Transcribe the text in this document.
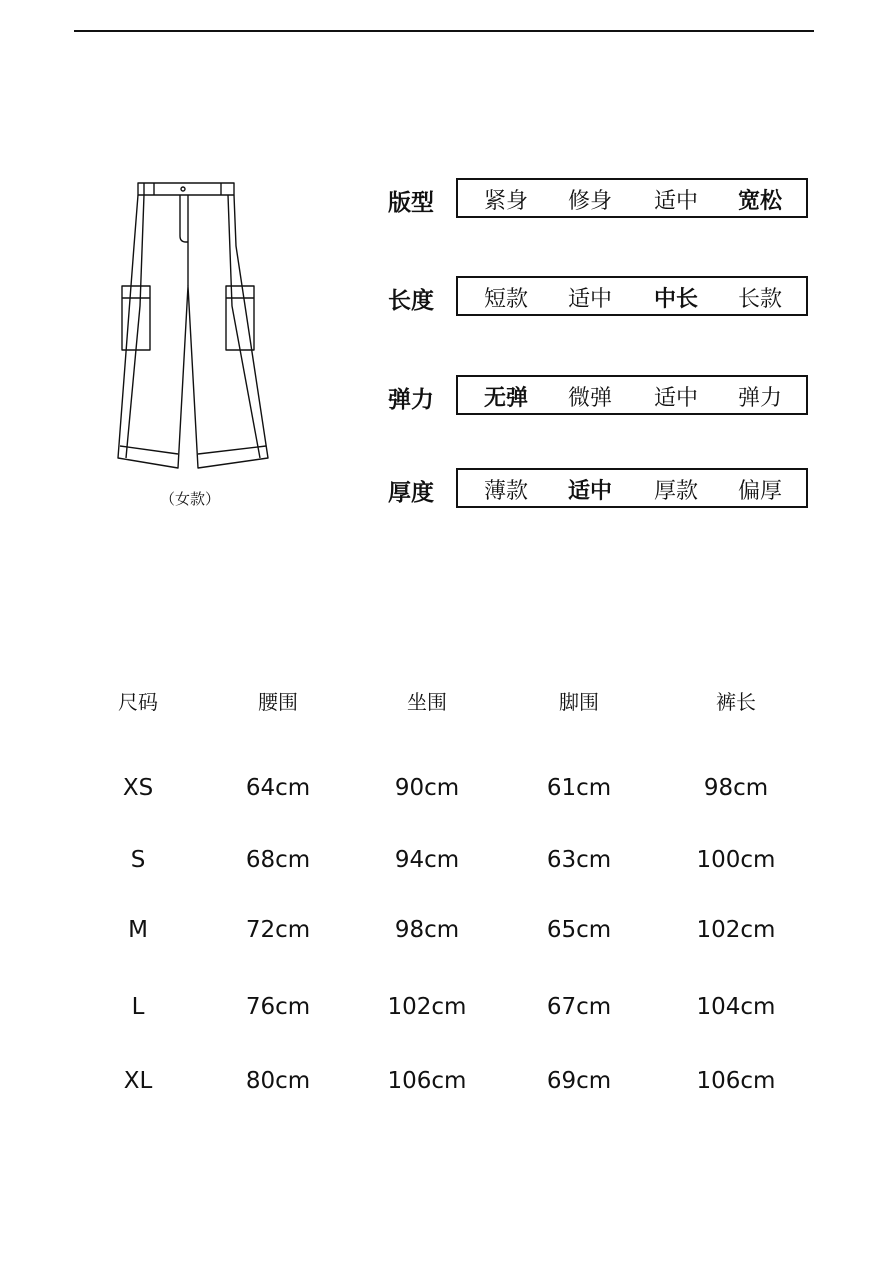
（女款）
版型	紧身	修身	适中	宽松
长度	短款	适中	中长	长款
弹力	无弹	微弹	适中	弹力
厚度	薄款	适中	厚款	偏厚
尺码	腰围	坐围	脚围	裤长
XS	64cm	90cm	61cm	98cm
S	68cm	94cm	63cm	100cm
M	72cm	98cm	65cm	102cm
L	76cm	102cm	67cm	104cm
XL	80cm	106cm	69cm	106cm
